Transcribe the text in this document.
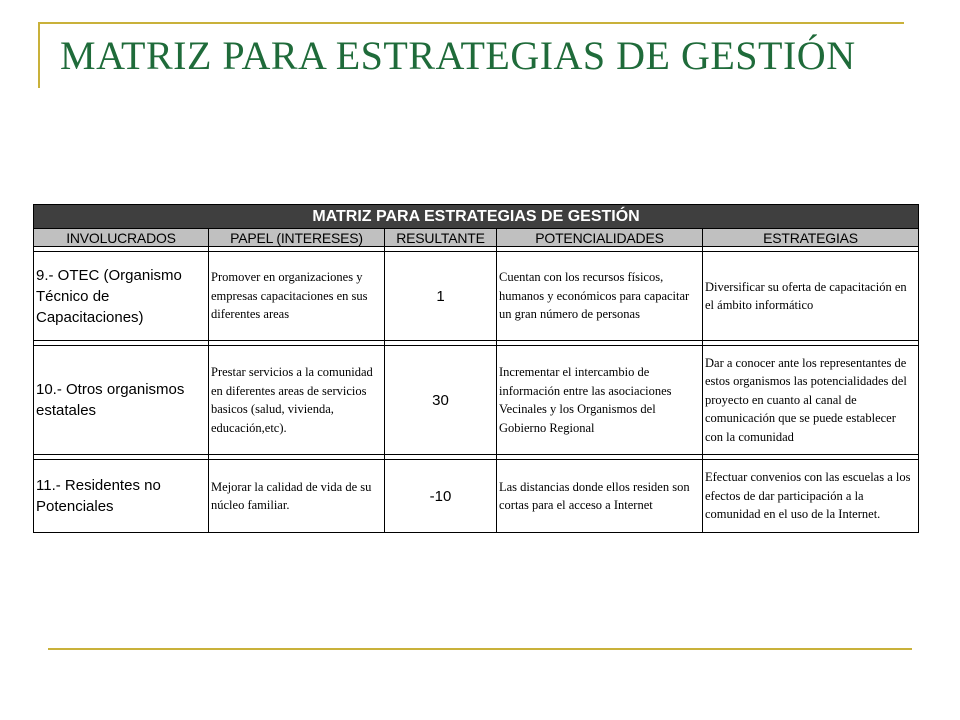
MATRIZ PARA ESTRATEGIAS DE GESTIÓN
MATRIZ PARA ESTRATEGIAS DE GESTIÓN				
INVOLUCRADOS	PAPEL (INTERESES)	RESULTANTE	POTENCIALIDADES	ESTRATEGIAS

9.- OTEC (Organismo Técnico de Capacitaciones)	Promover en organizaciones y empresas capacitaciones en sus diferentes areas	1	Cuentan con los recursos físicos, humanos y económicos para capacitar un gran número de personas	Diversificar su oferta de capacitación en el ámbito informático

10.- Otros organismos estatales	Prestar servicios a la comunidad en diferentes areas de servicios basicos (salud, vivienda, educación,etc).	30	Incrementar el intercambio de información entre las asociaciones Vecinales y los Organismos del Gobierno Regional	Dar a conocer ante los representantes de estos organismos las potencialidades del proyecto en cuanto al canal de comunicación que se puede establecer con la comunidad

11.- Residentes no Potenciales	Mejorar la calidad de vida de su núcleo familiar.	-10	Las distancias donde ellos residen son cortas para el acceso a Internet	Efectuar convenios con las escuelas a los efectos de dar participación a la comunidad en el uso de la Internet.
